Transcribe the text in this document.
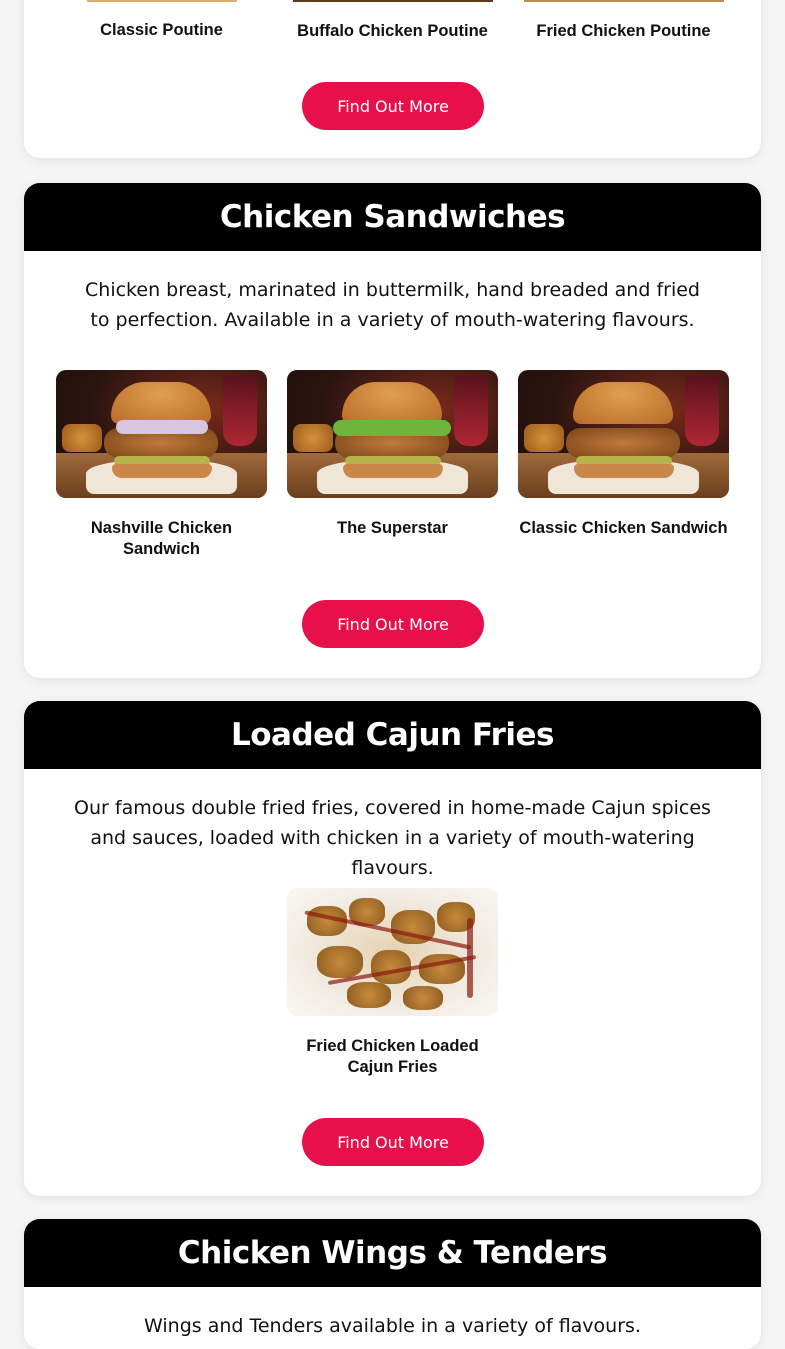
Classic Poutine	Buffalo Chicken Poutine	Fried Chicken Poutine
Find Out More
Chicken Sandwiches

Chicken breast, marinated in buttermilk, hand breaded and fried to perfection. Available in a variety of mouth-watering flavours.

Nashville Chicken Sandwich
The Superstar	Classic Chicken Sandwich
Find Out More
Loaded Cajun Fries

Our famous double fried fries, covered in home-made Cajun spices and sauces, loaded with chicken in a variety of mouth-watering flavours.

Fried Chicken Loaded Cajun Fries
Find Out More
Chicken Wings & Tenders

Wings and Tenders available in a variety of flavours.
